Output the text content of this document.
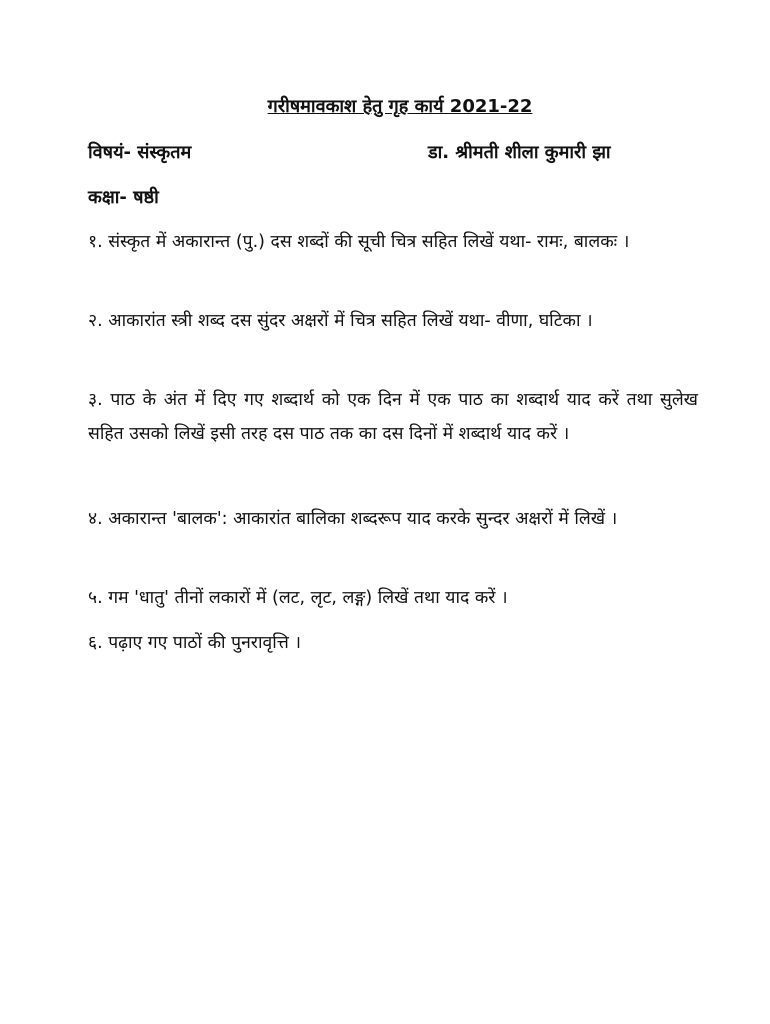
गरीषमावकाश हेतु गृह कार्य 2021-22
विषयं- संस्कृतम	डा. श्रीमती शीला कुमारी झा
कक्षा- षष्ठी
१. संस्कृत में अकारान्त (पु.) दस शब्दों की सूची चित्र सहित लिखें यथा- रामः, बालकः ।
२. आकारांत स्त्री शब्द दस सुंदर अक्षरों में चित्र सहित लिखें यथा- वीणा, घटिका ।
३. पाठ के अंत में दिए गए शब्दार्थ को एक दिन में एक पाठ का शब्दार्थ याद करें तथा सुलेख सहित उसको लिखें इसी तरह दस पाठ तक का दस दिनों में शब्दार्थ याद करें ।
४. अकारान्त 'बालक': आकारांत बालिका शब्दरूप याद करके सुन्दर अक्षरों में लिखें ।
५. गम 'धातु' तीनों लकारों में (लट, लृट, लङ्ग) लिखें तथा याद करें ।
६. पढ़ाए गए पाठों की पुनरावृत्ति ।
